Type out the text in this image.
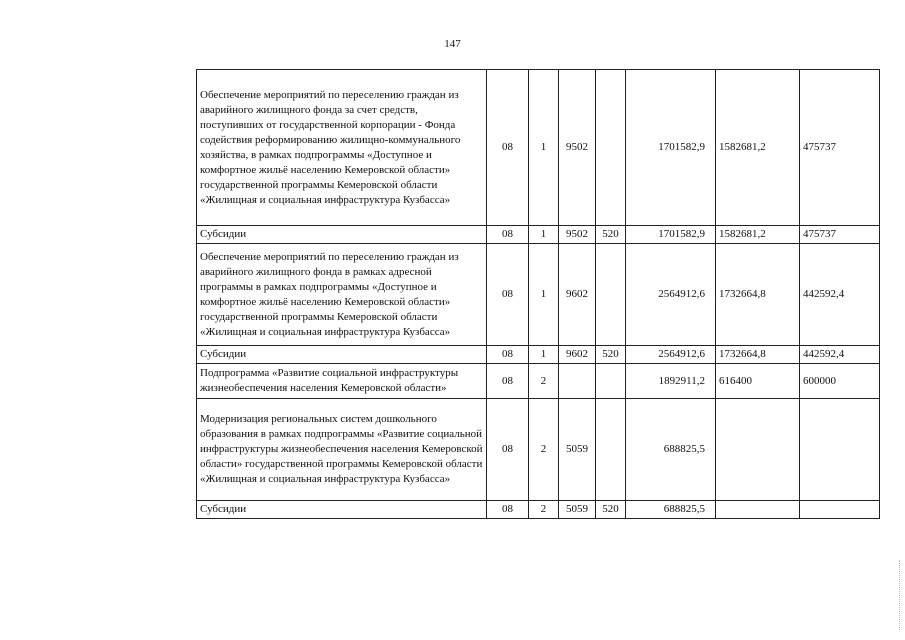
147
Обеспечение мероприятий по переселению граждан из аварийного жилищного фонда за счет средств, поступивших от государственной корпорации - Фонда содействия реформированию жилищно-коммунального хозяйства, в рамках подпрограммы «Доступное и комфортное жильё населению Кемеровской области» государственной программы Кемеровской области «Жилищная и социальная инфраструктура Кузбасса»	08	1	9502		1701582,9	1582681,2	475737
Субсидии	08	1	9502	520	1701582,9	1582681,2	475737
Обеспечение мероприятий по переселению граждан из аварийного жилищного фонда в рамках адресной программы в рамках подпрограммы «Доступное и комфортное жильё населению Кемеровской области» государственной программы Кемеровской области «Жилищная и социальная инфраструктура Кузбасса»	08	1	9602		2564912,6	1732664,8	442592,4
Субсидии	08	1	9602	520	2564912,6	1732664,8	442592,4
Подпрограмма «Развитие социальной инфраструктуры жизнеобеспечения населения Кемеровской области»	08	2			1892911,2	616400	600000
Модернизация региональных систем дошкольного образования в рамках подпрограммы «Развитие социальной инфраструктуры жизнеобеспечения населения Кемеровской области» государственной программы Кемеровской области «Жилищная и социальная инфраструктура Кузбасса»	08	2	5059		688825,5		
Субсидии	08	2	5059	520	688825,5		
